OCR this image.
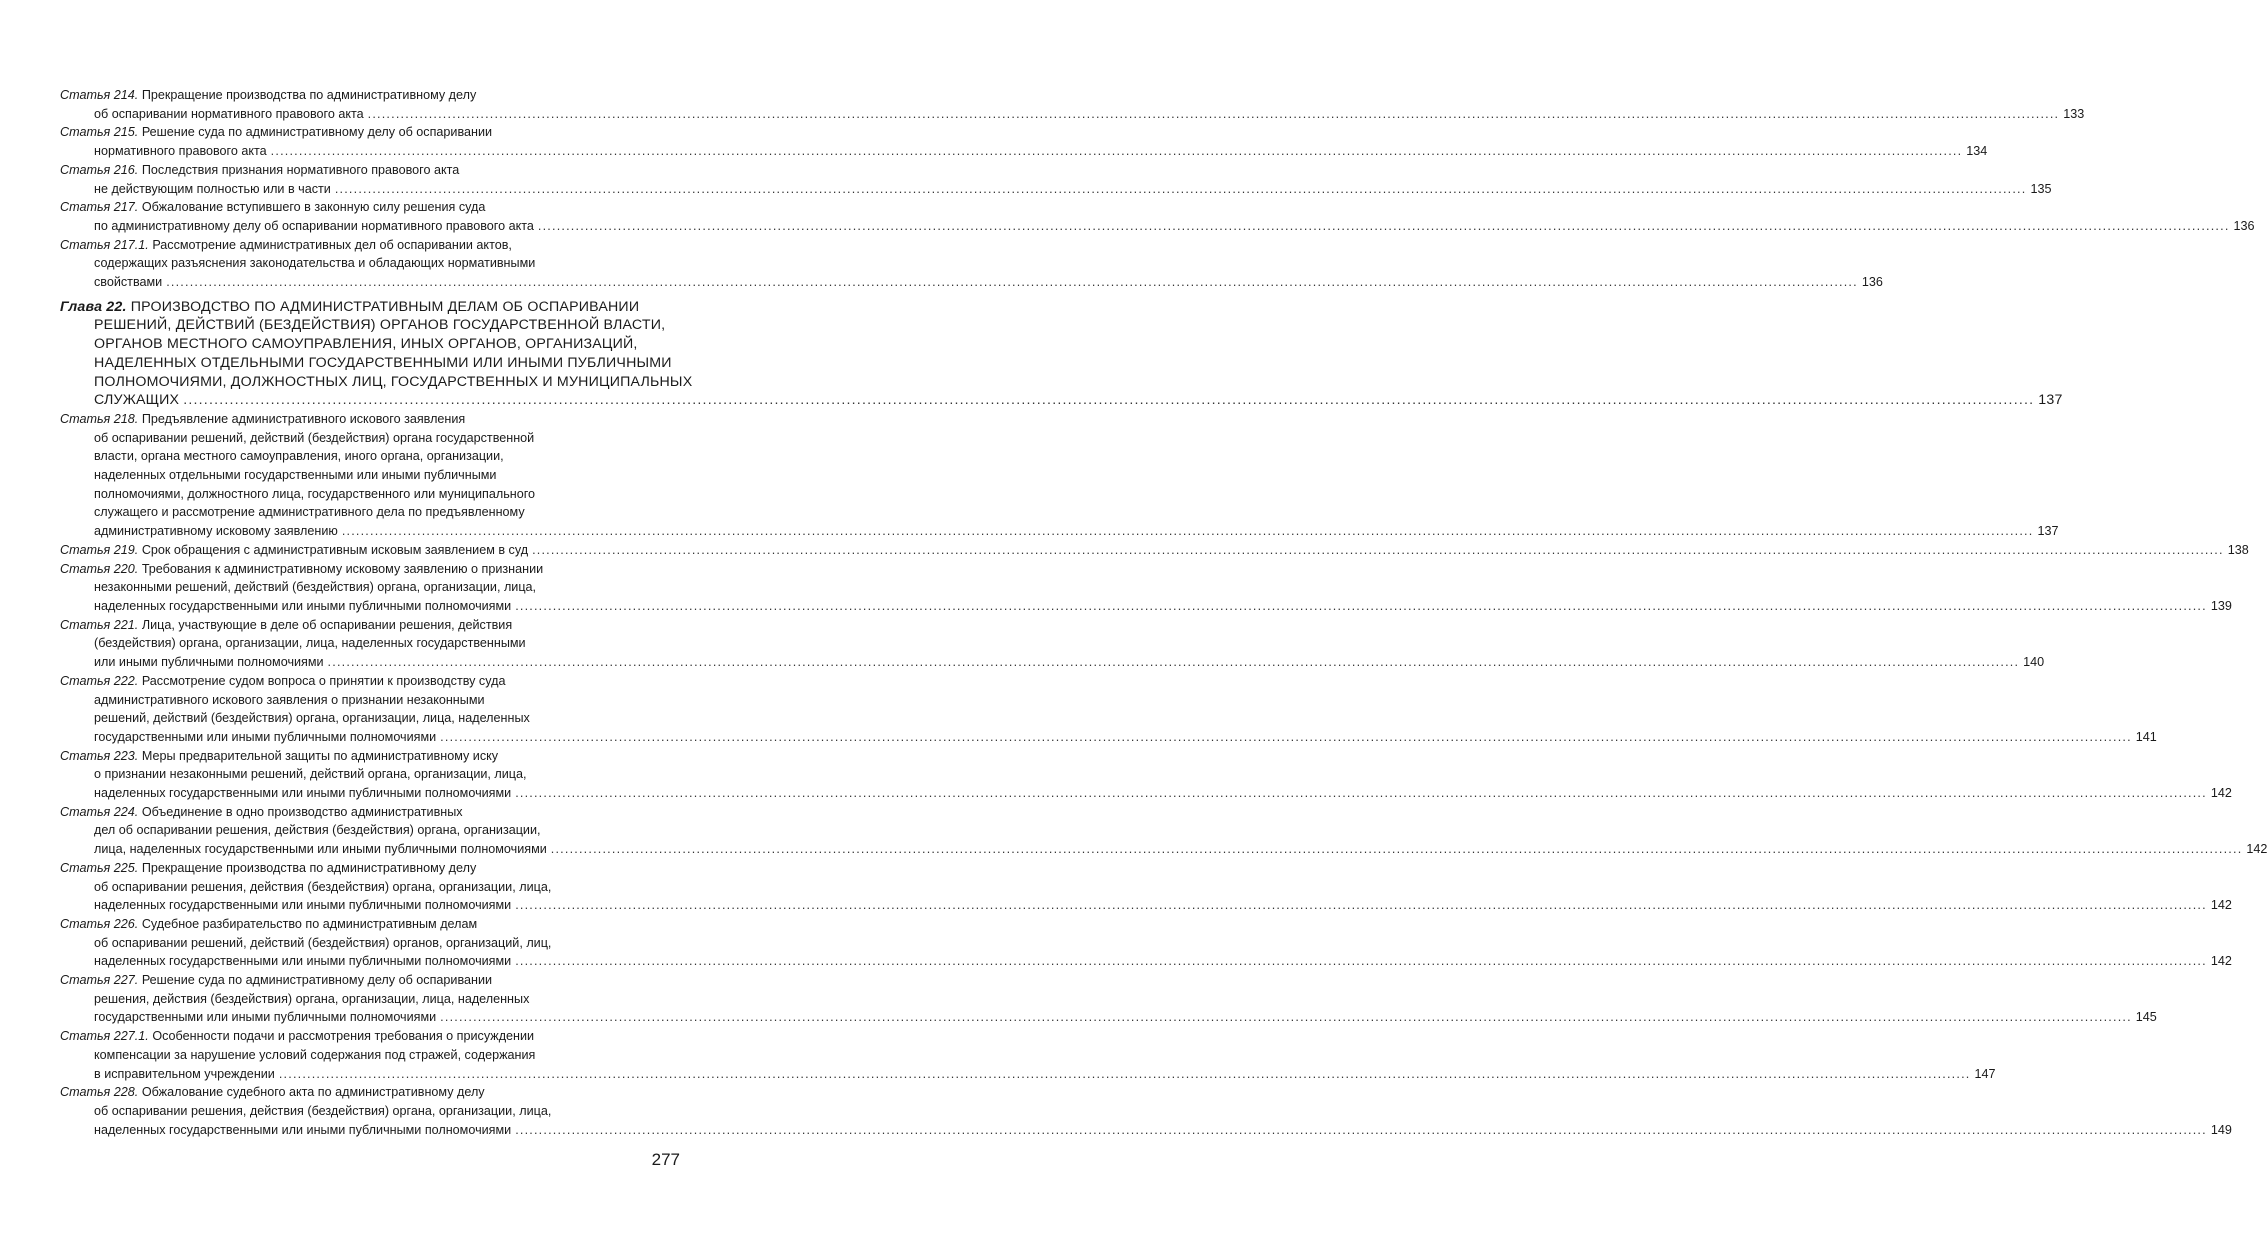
Статья 214. Прекращение производства по административному делу
об оспаривании нормативного правового акта .....	133
Статья 215. Решение суда по административному делу об оспаривании
нормативного правового акта .....	134
Статья 216. Последствия признания нормативного правового акта
не действующим полностью или в части .....	135
Статья 217. Обжалование вступившего в законную силу решения суда
по административному делу об оспаривании нормативного правового акта .....	136
Статья 217.1. Рассмотрение административных дел об оспаривании актов,
содержащих разъяснения законодательства и обладающих нормативными
свойствами .....	136
Глава 22. ПРОИЗВОДСТВО ПО АДМИНИСТРАТИВНЫМ ДЕЛАМ ОБ ОСПАРИВАНИИ
РЕШЕНИЙ, ДЕЙСТВИЙ (БЕЗДЕЙСТВИЯ) ОРГАНОВ ГОСУДАРСТВЕННОЙ ВЛАСТИ,
ОРГАНОВ МЕСТНОГО САМОУПРАВЛЕНИЯ, ИНЫХ ОРГАНОВ, ОРГАНИЗАЦИЙ,
НАДЕЛЕННЫХ ОТДЕЛЬНЫМИ ГОСУДАРСТВЕННЫМИ ИЛИ ИНЫМИ ПУБЛИЧНЫМИ
ПОЛНОМОЧИЯМИ, ДОЛЖНОСТНЫХ ЛИЦ, ГОСУДАРСТВЕННЫХ И МУНИЦИПАЛЬНЫХ
СЛУЖАЩИХ .....	137
Статья 218. Предъявление административного искового заявления
об оспаривании решений, действий (бездействия) органа государственной
власти, органа местного самоуправления, иного органа, организации,
наделенных отдельными государственными или иными публичными
полномочиями, должностного лица, государственного или муниципального
служащего и рассмотрение административного дела по предъявленному
административному исковому заявлению .....	137
Статья 219. Срок обращения с административным исковым заявлением в суд .....	138
Статья 220. Требования к административному исковому заявлению о признании
незаконными решений, действий (бездействия) органа, организации, лица,
наделенных государственными или иными публичными полномочиями .....	139
Статья 221. Лица, участвующие в деле об оспаривании решения, действия
(бездействия) органа, организации, лица, наделенных государственными
или иными публичными полномочиями .....	140
Статья 222. Рассмотрение судом вопроса о принятии к производству суда
административного искового заявления о признании незаконными
решений, действий (бездействия) органа, организации, лица, наделенных
государственными или иными публичными полномочиями .....	141
Статья 223. Меры предварительной защиты по административному иску
о признании незаконными решений, действий органа, организации, лица,
наделенных государственными или иными публичными полномочиями .....	142
Статья 224. Объединение в одно производство административных
дел об оспаривании решения, действия (бездействия) органа, организации,
лица, наделенных государственными или иными публичными полномочиями .....	142
Статья 225. Прекращение производства по административному делу
об оспаривании решения, действия (бездействия) органа, организации, лица,
наделенных государственными или иными публичными полномочиями .....	142
Статья 226. Судебное разбирательство по административным делам
об оспаривании решений, действий (бездействия) органов, организаций, лиц,
наделенных государственными или иными публичными полномочиями .....	142
Статья 227. Решение суда по административному делу об оспаривании
решения, действия (бездействия) органа, организации, лица, наделенных
государственными или иными публичными полномочиями .....	145
Статья 227.1. Особенности подачи и рассмотрения требования о присуждении
компенсации за нарушение условий содержания под стражей, содержания
в исправительном учреждении .....	147
Статья 228. Обжалование судебного акта по административному делу
об оспаривании решения, действия (бездействия) органа, организации, лица,
наделенных государственными или иными публичными полномочиями .....	149
277
